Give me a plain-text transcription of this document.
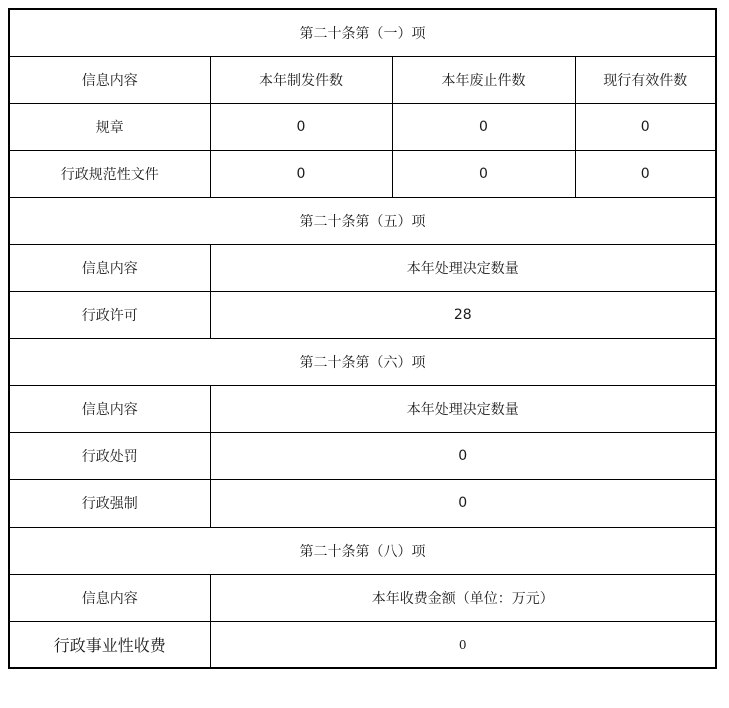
第二十条第（一）项			
信息内容	本年制发件数	本年废止件数	现行有效件数
规章	0	0	0
行政规范性文件	0	0	0
第二十条第（五）项			
信息内容	本年处理决定数量		
行政许可	28		
第二十条第（六）项			
信息内容	本年处理决定数量		
行政处罚	0		
行政强制	0		
第二十条第（八）项			
信息内容	本年收费金额（单位：万元）		
行政事业性收费	0		
